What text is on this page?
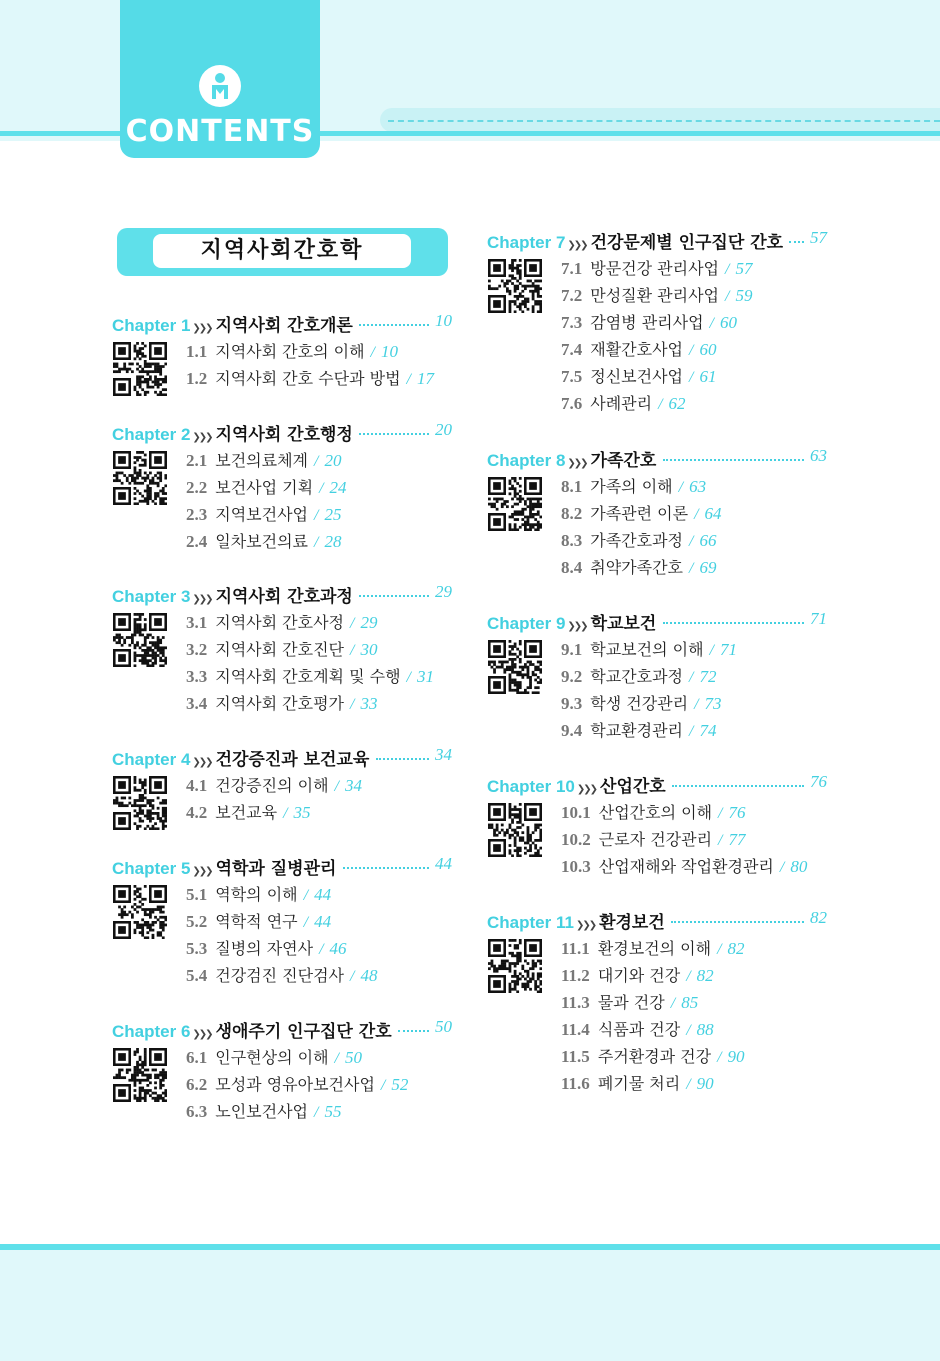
CONTENTS
지역사회간호학
Chapter 1 ❯❯❯ 지역사회 간호개론	10
1.1 지역사회 간호의 이해 / 10
1.2 지역사회 간호 수단과 방법 / 17
Chapter 2 ❯❯❯ 지역사회 간호행정	20
2.1 보건의료체계 / 20
2.2 보건사업 기획 / 24
2.3 지역보건사업 / 25
2.4 일차보건의료 / 28
Chapter 3 ❯❯❯ 지역사회 간호과정	29
3.1 지역사회 간호사정 / 29
3.2 지역사회 간호진단 / 30
3.3 지역사회 간호계획 및 수행 / 31
3.4 지역사회 간호평가 / 33
Chapter 4 ❯❯❯ 건강증진과 보건교육	34
4.1 건강증진의 이해 / 34
4.2 보건교육 / 35
Chapter 5 ❯❯❯ 역학과 질병관리	44
5.1 역학의 이해 / 44
5.2 역학적 연구 / 44
5.3 질병의 자연사 / 46
5.4 건강검진 진단검사 / 48
Chapter 6 ❯❯❯ 생애주기 인구집단 간호	50
6.1 인구현상의 이해 / 50
6.2 모성과 영유아보건사업 / 52
6.3 노인보건사업 / 55
Chapter 7 ❯❯❯ 건강문제별 인구집단 간호 57
7.1 방문건강 관리사업 / 57
7.2 만성질환 관리사업 / 59
7.3 감염병 관리사업 / 60
7.4 재활간호사업 / 60
7.5 정신보건사업 / 61
7.6 사례관리 / 62
Chapter 8 ❯❯❯ 가족간호	63
8.1 가족의 이해 / 63
8.2 가족관련 이론 / 64
8.3 가족간호과정 / 66
8.4 취약가족간호 / 69
Chapter 9 ❯❯❯ 학교보건	71
9.1 학교보건의 이해 / 71
9.2 학교간호과정 / 72
9.3 학생 건강관리 / 73
9.4 학교환경관리 / 74
Chapter 10 ❯❯❯ 산업간호	76
10.1 산업간호의 이해 / 76
10.2 근로자 건강관리 / 77
10.3 산업재해와 작업환경관리 / 80
Chapter 11 ❯❯❯ 환경보건	82
11.1 환경보건의 이해 / 82
11.2 대기와 건강 / 82
11.3 물과 건강 / 85
11.4 식품과 건강 / 88
11.5 주거환경과 건강 / 90
11.6 폐기물 처리 / 90
